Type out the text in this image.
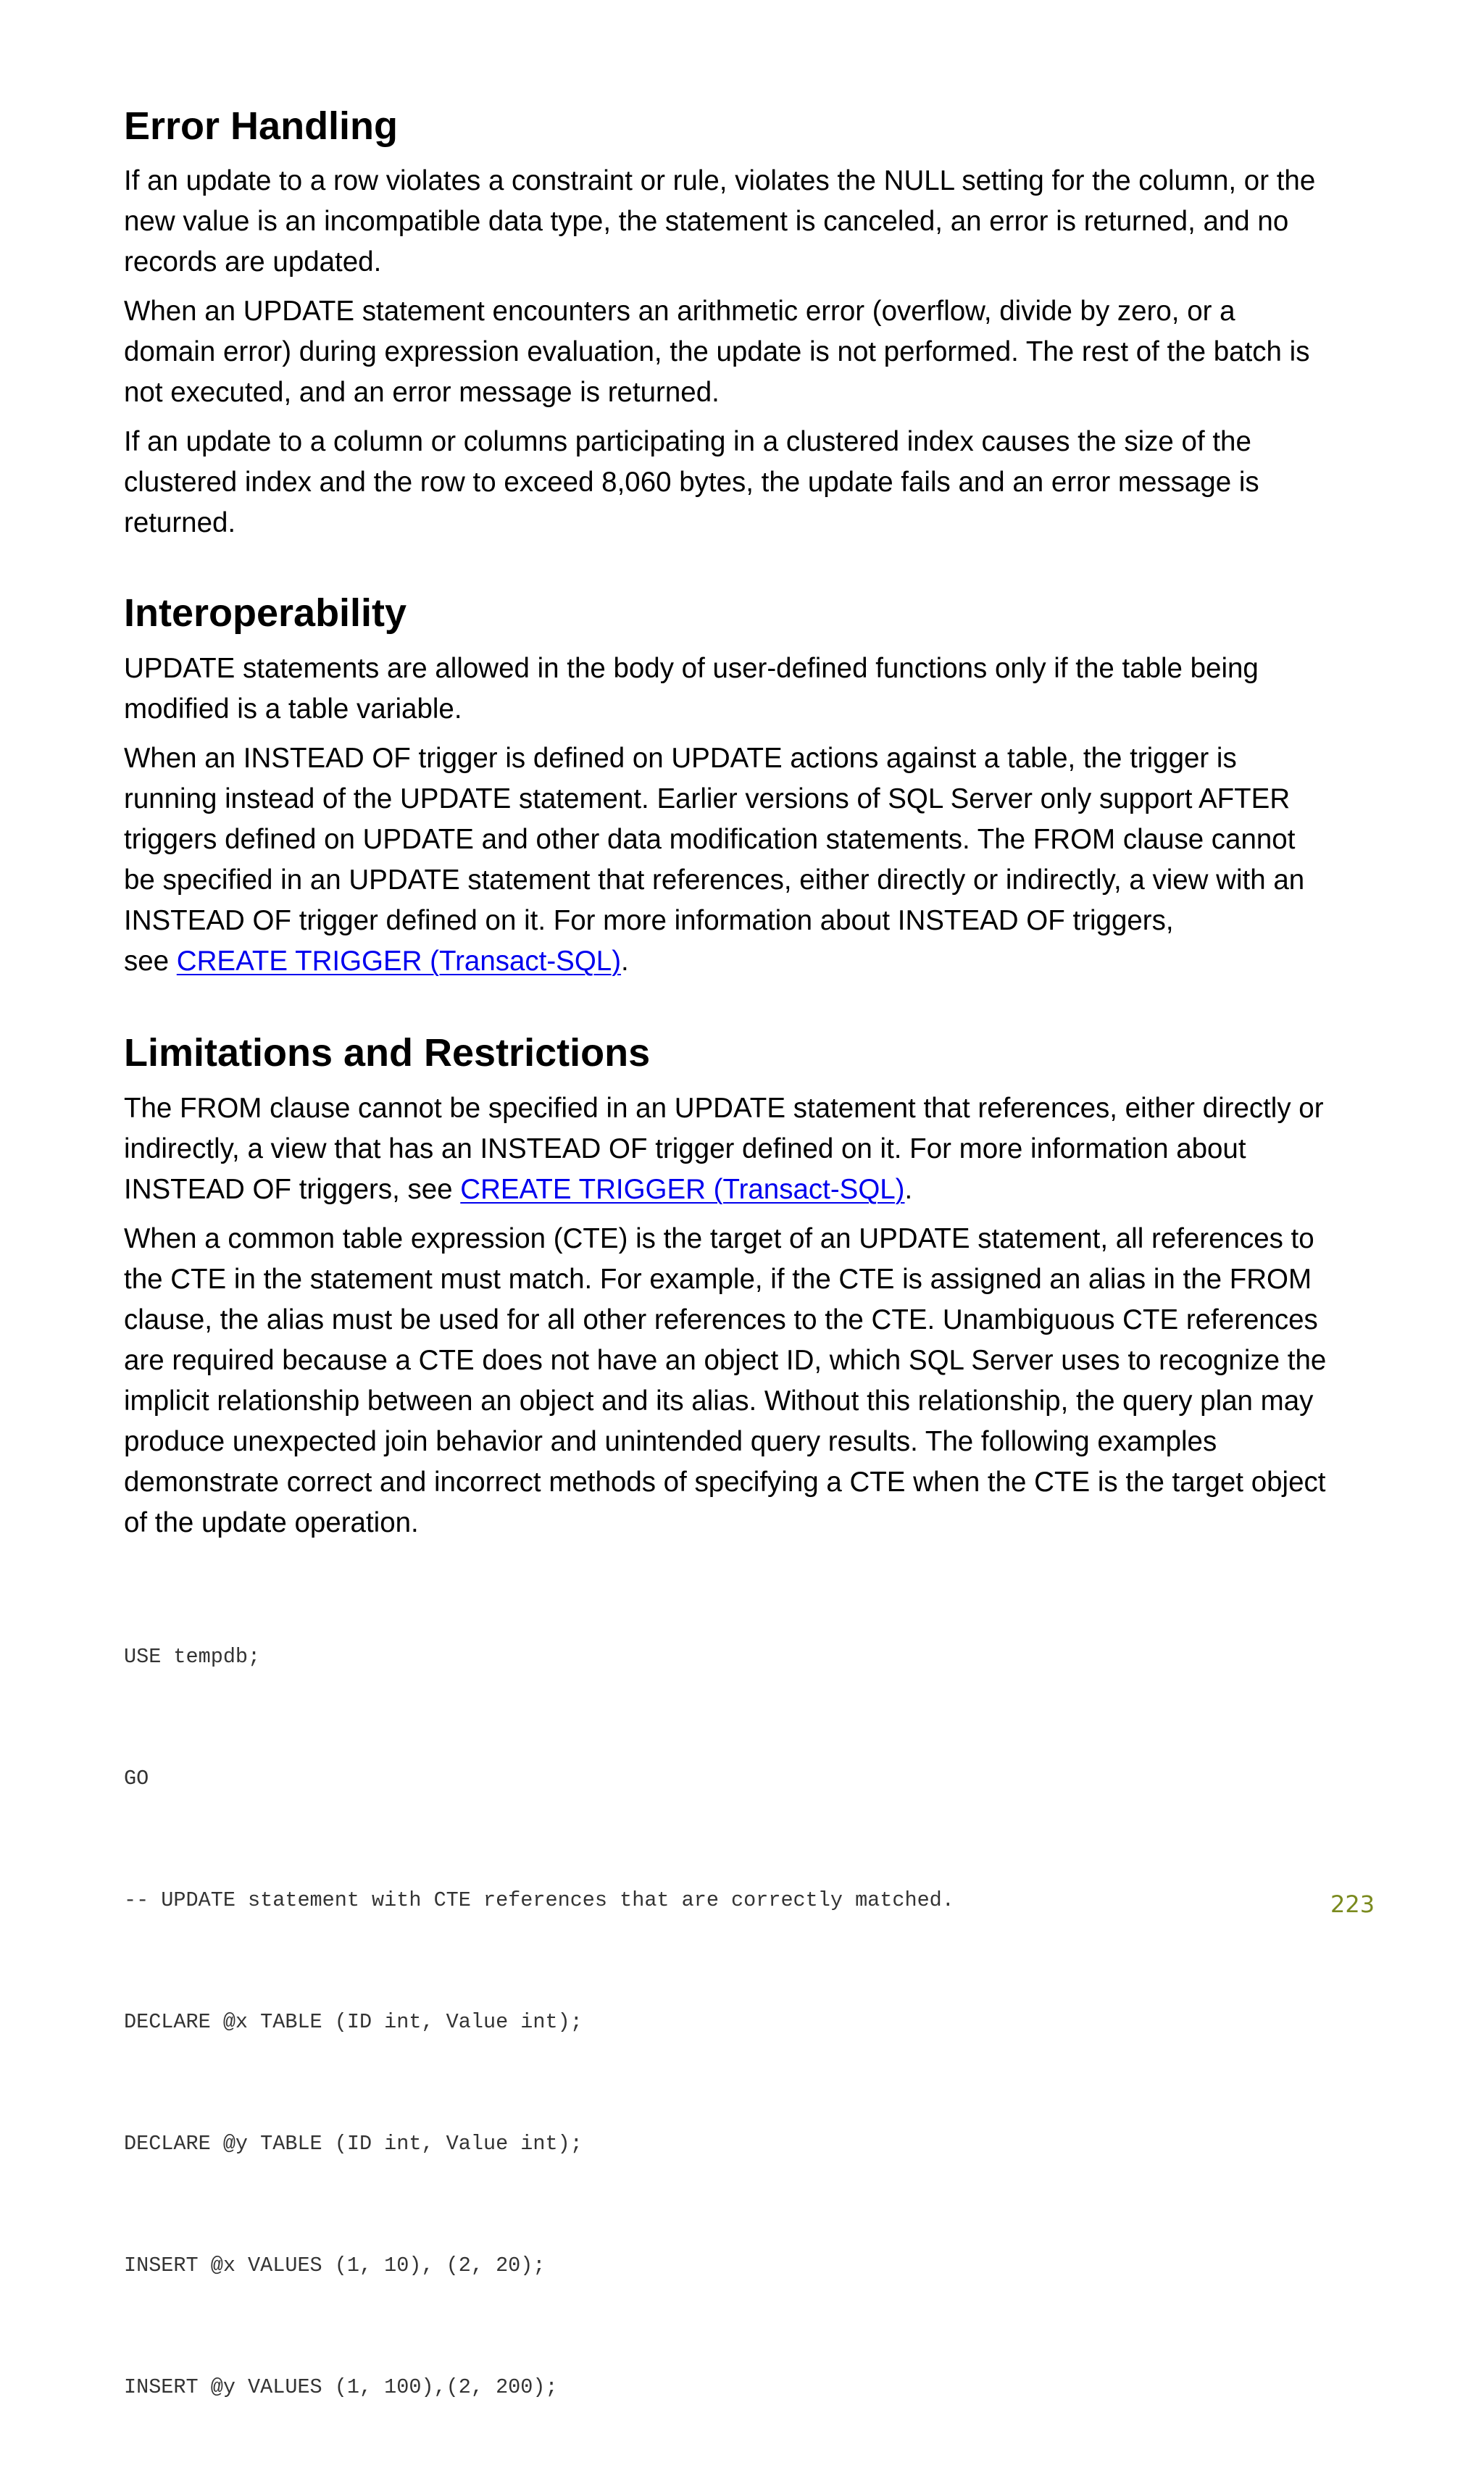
Error Handling

If an update to a row violates a constraint or rule, violates the NULL setting for the column, or the
new value is an incompatible data type, the statement is canceled, an error is returned, and no
records are updated.

When an UPDATE statement encounters an arithmetic error (overflow, divide by zero, or a
domain error) during expression evaluation, the update is not performed. The rest of the batch is
not executed, and an error message is returned.

If an update to a column or columns participating in a clustered index causes the size of the
clustered index and the row to exceed 8,060 bytes, the update fails and an error message is
returned.

Interoperability

UPDATE statements are allowed in the body of user-defined functions only if the table being
modified is a table variable.

When an INSTEAD OF trigger is defined on UPDATE actions against a table, the trigger is
running instead of the UPDATE statement. Earlier versions of SQL Server only support AFTER
triggers defined on UPDATE and other data modification statements. The FROM clause cannot
be specified in an UPDATE statement that references, either directly or indirectly, a view with an
INSTEAD OF trigger defined on it. For more information about INSTEAD OF triggers,
see CREATE TRIGGER (Transact-SQL).

Limitations and Restrictions

The FROM clause cannot be specified in an UPDATE statement that references, either directly or
indirectly, a view that has an INSTEAD OF trigger defined on it. For more information about
INSTEAD OF triggers, see CREATE TRIGGER (Transact-SQL).

When a common table expression (CTE) is the target of an UPDATE statement, all references to
the CTE in the statement must match. For example, if the CTE is assigned an alias in the FROM
clause, the alias must be used for all other references to the CTE. Unambiguous CTE references
are required because a CTE does not have an object ID, which SQL Server uses to recognize the
implicit relationship between an object and its alias. Without this relationship, the query plan may
produce unexpected join behavior and unintended query results. The following examples
demonstrate correct and incorrect methods of specifying a CTE when the CTE is the target object
of the update operation.

USE tempdb;

GO

-- UPDATE statement with CTE references that are correctly matched.

DECLARE @x TABLE (ID int, Value int);

DECLARE @y TABLE (ID int, Value int);

INSERT @x VALUES (1, 10), (2, 20);

INSERT @y VALUES (1, 100),(2, 200);

223
